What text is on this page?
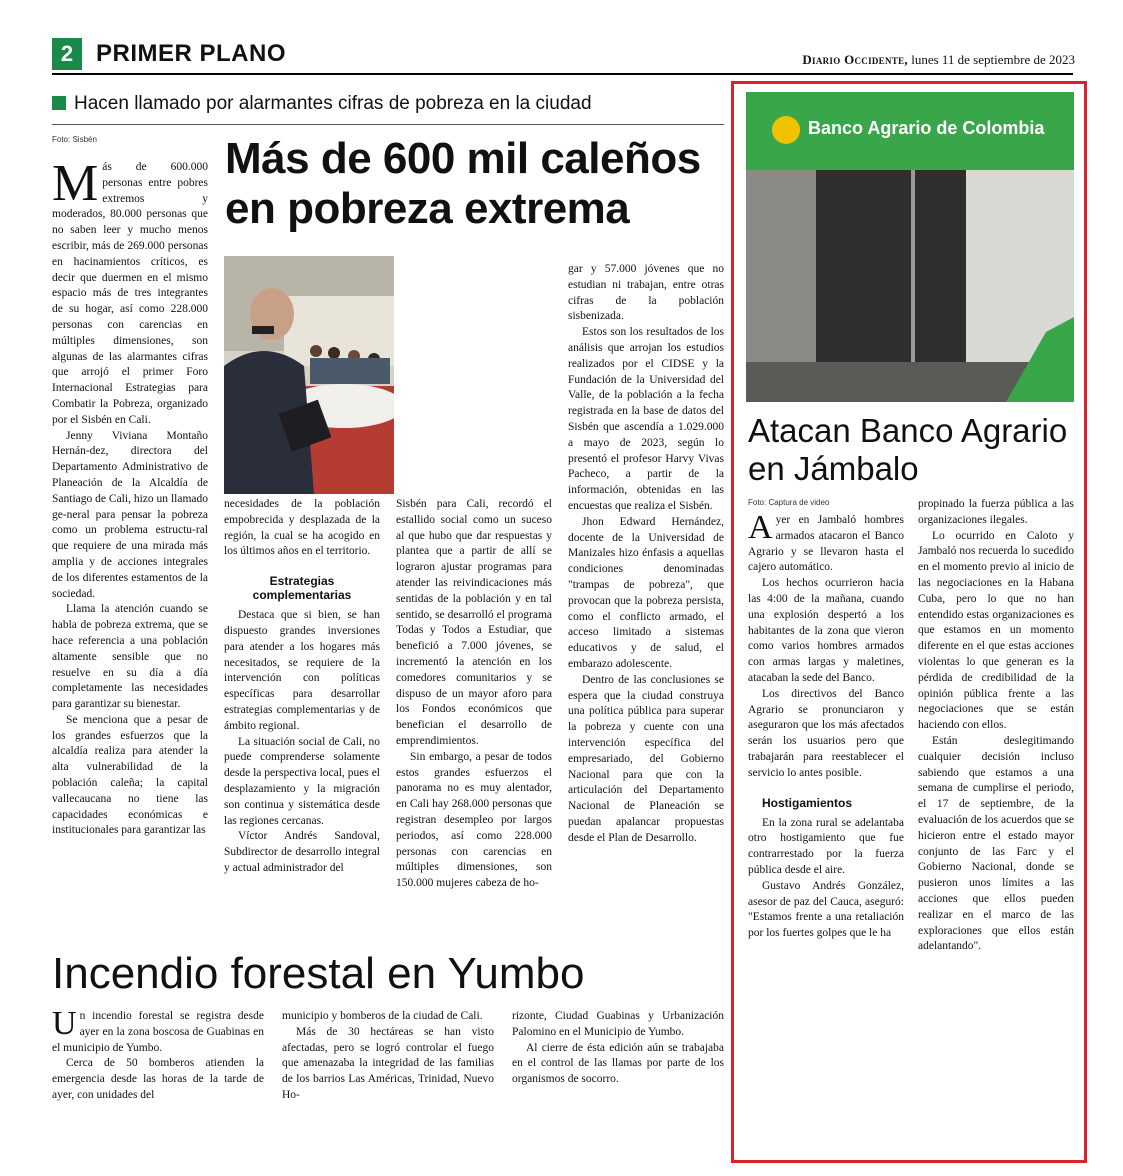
2 PRIMER PLANO	Diario Occidente, lunes 11 de septiembre de 2023
Hacen llamado por alarmantes cifras de pobreza en la ciudad
Foto: Sisbén	Más de 600 mil caleños en pobreza extrema

Más de 600.000 personas entre pobres extremos y moderados, 80.000 personas que no saben leer y mucho menos escribir, más de 269.000 personas en hacinamientos críticos, es decir que duermen en el mismo espacio más de tres integrantes de su hogar, así como 228.000 personas con carencias en múltiples dimensiones, son algunas de las alarmantes cifras que arrojó el primer Foro Internacional Estrategias para Combatir la Pobreza, organizado por el Sisbén en Cali.

Jenny Viviana Montaño Hernán-dez, directora del Departamento Administrativo de Planeación de la Alcaldía de Santiago de Cali, hizo un llamado ge-neral para pensar la pobreza como un problema estructu-ral que requiere de una mirada más amplia y de acciones integrales de los diferentes estamentos de la sociedad.

Llama la atención cuando se habla de pobreza extrema, que se hace referencia a una población altamente sensible que no resuelve en su día a día completamente las necesidades para garantizar su bienestar.

Se menciona que a pesar de los grandes esfuerzos que la alcaldía realiza para atender la alta vulnerabilidad de la población caleña; la capital vallecaucana no tiene las capacidades económicas e institucionales para garantizar las

necesidades de la población empobrecida y desplazada de la región, la cual se ha acogido en los últimos años en el territorio.

Estrategias complementarias

Destaca que si bien, se han dispuesto grandes inversiones para atender a los hogares más necesitados, se requiere de la intervención con políticas específicas para desarrollar estrategias complementarias y de ámbito regional.

La situación social de Cali, no puede comprenderse solamente desde la perspectiva local, pues el desplazamiento y la migración son continua y sistemática desde las regiones cercanas.

Víctor Andrés Sandoval, Subdirector de desarrollo integral y actual administrador del

Sisbén para Cali, recordó el estallido social como un suceso al que hubo que dar respuestas y plantea que a partir de allí se lograron ajustar programas para atender las reivindicaciones más sentidas de la población y en tal sentido, se desarrolló el programa Todas y Todos a Estudiar, que benefició a 7.000 jóvenes, se incrementó la atención en los comedores comunitarios y se dispuso de un mayor aforo para los Fondos económicos que benefician el desarrollo de emprendimientos.

Sin embargo, a pesar de todos estos grandes esfuerzos el panorama no es muy alentador, en Cali hay 268.000 personas que registran desempleo por largos periodos, así como 228.000 personas con carencias en múltiples dimensiones, son 150.000 mujeres cabeza de ho-

gar y 57.000 jóvenes que no estudian ni trabajan, entre otras cifras de la población sisbenizada.

Estos son los resultados de los análisis que arrojan los estudios realizados por el CIDSE y la Fundación de la Universidad del Valle, de la población a la fecha registrada en la base de datos del Sisbén que ascendía a 1.029.000 a mayo de 2023, según lo presentó el profesor Harvy Vivas Pacheco, a partir de la información, obtenidas en las encuestas que realiza el Sisbén.

Jhon Edward Hernández, docente de la Universidad de Manizales hizo énfasis a aquellas condiciones denominadas "trampas de pobreza", que provocan que la pobreza persista, como el conflicto armado, el acceso limitado a sistemas educativos y de salud, el embarazo adolescente.

Dentro de las conclusiones se espera que la ciudad construya una política pública para superar la pobreza y cuente con una intervención específica del empresariado, del Gobierno Nacional para que con la articulación del Departamento Nacional de Planeación se puedan apalancar propuestas desde el Plan de Desarrollo.

Banco Agrario de Colombia
Atacan Banco Agrario en Jámbalo
Foto: Captura de video

Ayer en Jambaló hombres armados atacaron el Banco Agrario y se llevaron hasta el cajero automático.

Los hechos ocurrieron hacia las 4:00 de la mañana, cuando una explosión despertó a los habitantes de la zona que vieron como varios hombres armados con armas largas y maletines, atacaban la sede del Banco.

Los directivos del Banco Agrario se pronunciaron y aseguraron que los más afectados serán los usuarios pero que trabajarán para reestablecer el servicio lo antes posible.

Hostigamientos

En la zona rural se adelantaba otro hostigamiento que fue contrarrestado por la fuerza pública desde el aire.

Gustavo Andrés González, asesor de paz del Cauca, aseguró: "Estamos frente a una retaliación por los fuertes golpes que le ha

propinado la fuerza pública a las organizaciones ilegales.

Lo ocurrido en Caloto y Jambaló nos recuerda lo sucedido en el momento previo al inicio de las negociaciones en la Habana Cuba, pero lo que no han entendido estas organizaciones es que estamos en un momento diferente en el que estas acciones violentas lo que generan es la pérdida de credibilidad de la opinión pública frente a las negociaciones que se están haciendo con ellos.

Están deslegitimando cualquier decisión incluso sabiendo que estamos a una semana de cumplirse el periodo, el 17 de septiembre, de la evaluación de los acuerdos que se hicieron entre el estado mayor conjunto de las Farc y el Gobierno Nacional, donde se pusieron unos límites a las acciones que ellos pueden realizar en el marco de las exploraciones que ellos están adelantando".

Incendio forestal en Yumbo

Un incendio forestal se registra desde ayer en la zona boscosa de Guabinas en el municipio de Yumbo.

Cerca de 50 bomberos atienden la emergencia desde las horas de la tarde de ayer, con unidades del

municipio y bomberos de la ciudad de Cali.

Más de 30 hectáreas se han visto afectadas, pero se logró controlar el fuego que amenazaba la integridad de las familias de los barrios Las Américas, Trinidad, Nuevo Ho-

rizonte, Ciudad Guabinas y Urbanización Palomino en el Municipio de Yumbo.

Al cierre de ésta edición aún se trabajaba en el control de las llamas por parte de los organismos de socorro.
